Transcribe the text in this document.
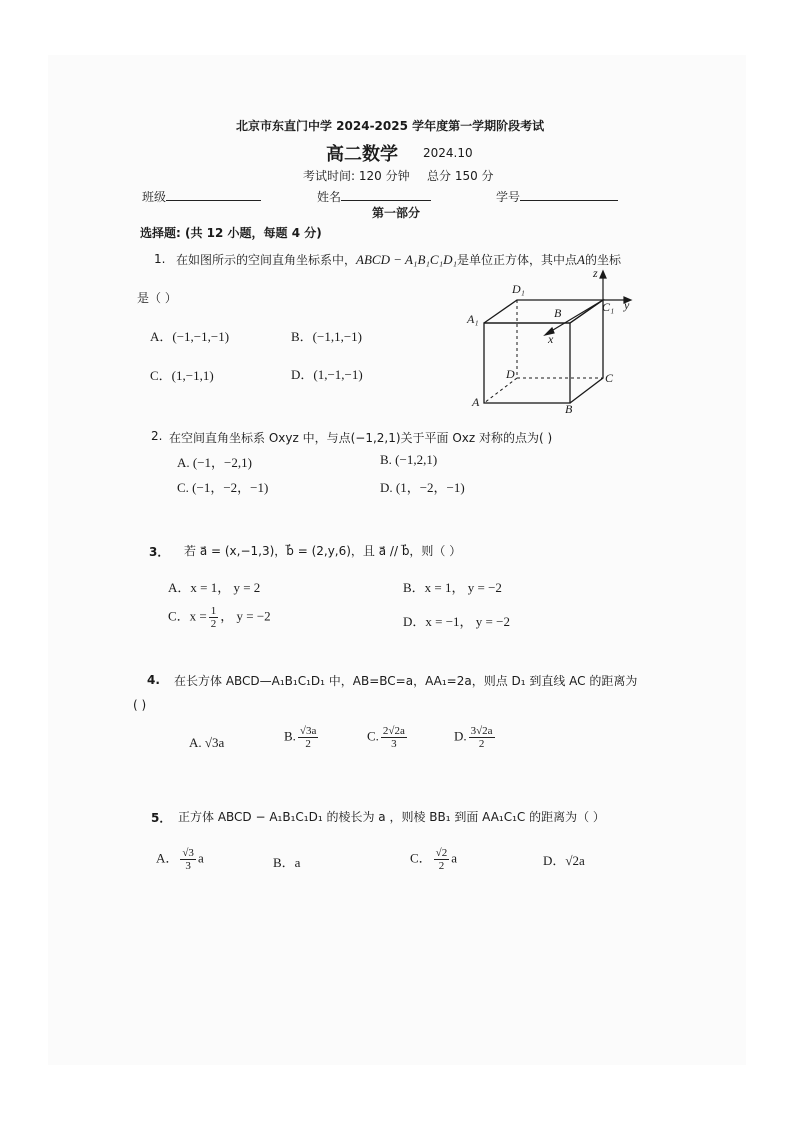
北京市东直门中学 2024-2025 学年度第一学期阶段考试
高二数学 2024.10
考试时间: 120 分钟 总分 150 分
班级	姓名	学号
第一部分
选择题: (共 12 小题，每题 4 分)
1. 在如图所示的空间直角坐标系中，ABCD − A₁B₁C₁D₁是单位正方体，其中点A的坐标
是（ ）
A．(−1,−1,−1)	B．(−1,1,−1)
C．(1,−1,1)	D．(1,−1,−1)
D₁
A₁	B	C₁
D	C
A	B
z
y
x
2. 在空间直角坐标系 Oxyz 中，与点(−1,2,1)关于平面 Oxz 对称的点为( )
A. (−1，−2,1)	B. (−1,2,1)
C. (−1，−2，−1)	D. (1，−2，−1)
3． 若 a⃗ = (x,−1,3)，b⃗ = (2,y,6)，且 a⃗ // b⃗，则（ ）
A．x = 1， y = 2	B．x = 1， y = −2
C．$x = \frac{1}{2}$ ， y = −2	D．x = −1， y = −2
4. 在长方体 ABCD—A₁B₁C₁D₁ 中，AB=BC=a，AA₁=2a，则点 D₁ 到直线 AC 的距离为
( )
A. √3a	B. $\frac{√3a}{2}$	C. $\frac{2√2a}{3}$	D. $\frac{3√2a}{2}$
5． 正方体 ABCD − A₁B₁C₁D₁ 的棱长为 a ，则棱 BB₁ 到面 AA₁C₁C 的距离为（ ）
A． $\frac{√3}{3}$ a	B．a	C． $\frac{√2}{2}$ a	D．√2a
